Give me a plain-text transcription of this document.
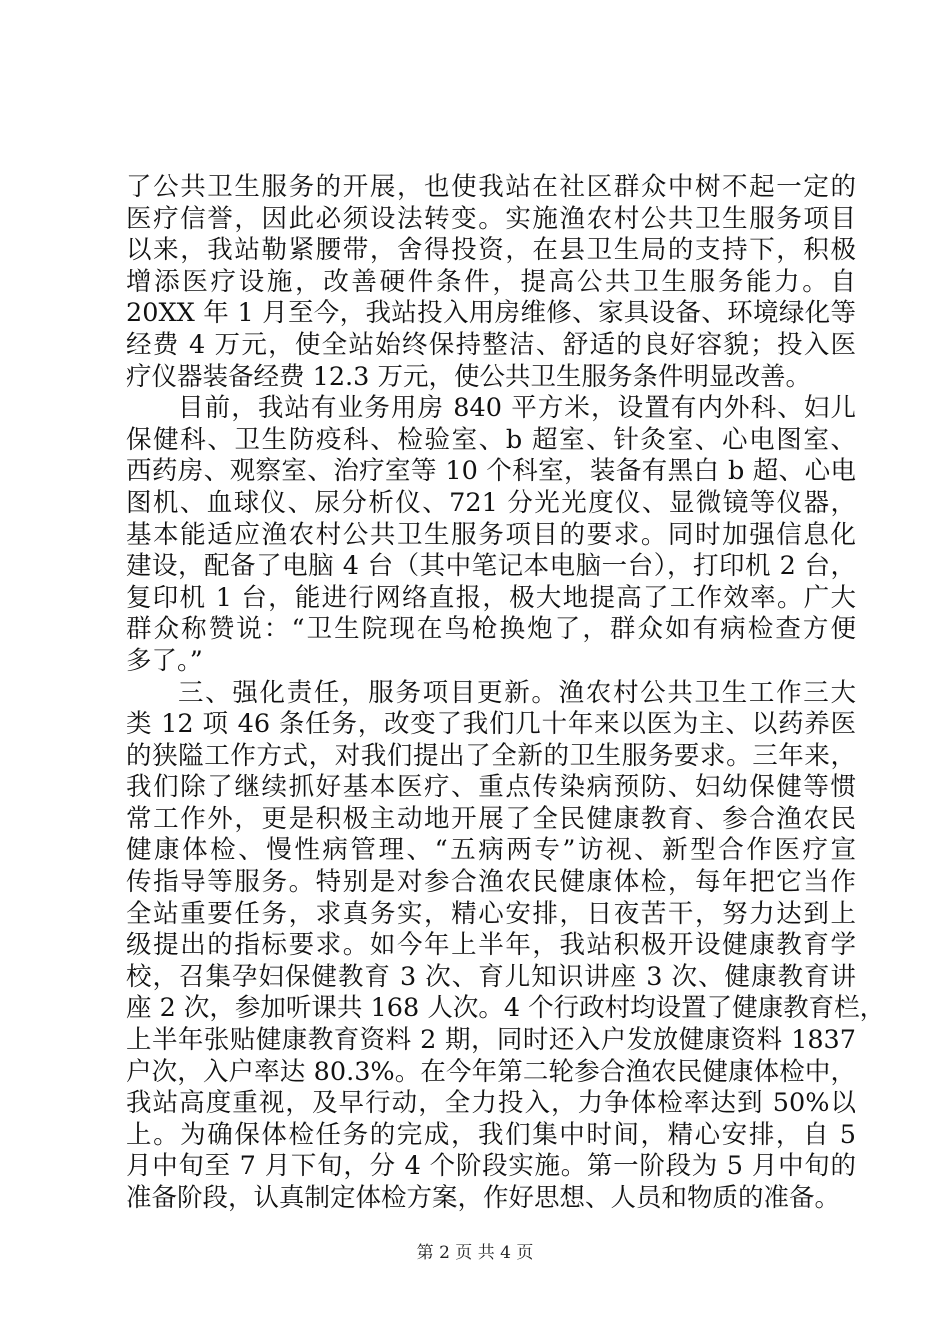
了公共卫生服务的开展，也使我站在社区群众中树不起一定的
医疗信誉，因此必须设法转变。实施渔农村公共卫生服务项目
以来，我站勒紧腰带，舍得投资，在县卫生局的支持下，积极
增添医疗设施，改善硬件条件，提高公共卫生服务能力。自
20XX 年 1 月至今，我站投入用房维修、家具设备、环境绿化等
经费 4 万元，使全站始终保持整洁、舒适的良好容貌；投入医
疗仪器装备经费 12.3 万元，使公共卫生服务条件明显改善。
目前，我站有业务用房 840 平方米，设置有内外科、妇儿
保健科、卫生防疫科、检验室、b 超室、针灸室、心电图室、
西药房、观察室、治疗室等 10 个科室，装备有黑白 b 超、心电
图机、血球仪、尿分析仪、721 分光光度仪、显微镜等仪器，
基本能适应渔农村公共卫生服务项目的要求。同时加强信息化
建设，配备了电脑 4 台（其中笔记本电脑一台），打印机 2 台，
复印机 1 台，能进行网络直报，极大地提高了工作效率。广大
群众称赞说：“卫生院现在鸟枪换炮了，群众如有病检查方便
多了。”
三、强化责任，服务项目更新。渔农村公共卫生工作三大
类 12 项 46 条任务，改变了我们几十年来以医为主、以药养医
的狭隘工作方式，对我们提出了全新的卫生服务要求。三年来，
我们除了继续抓好基本医疗、重点传染病预防、妇幼保健等惯
常工作外，更是积极主动地开展了全民健康教育、参合渔农民
健康体检、慢性病管理、“五病两专”访视、新型合作医疗宣
传指导等服务。特别是对参合渔农民健康体检，每年把它当作
全站重要任务，求真务实，精心安排，日夜苦干，努力达到上
级提出的指标要求。如今年上半年，我站积极开设健康教育学
校，召集孕妇保健教育 3 次、育儿知识讲座 3 次、健康教育讲
座 2 次，参加听课共 168 人次。4 个行政村均设置了健康教育栏，
上半年张贴健康教育资料 2 期，同时还入户发放健康资料 1837
户次，入户率达 80.3%。在今年第二轮参合渔农民健康体检中，
我站高度重视，及早行动，全力投入，力争体检率达到 50%以
上。为确保体检任务的完成，我们集中时间，精心安排，自 5
月中旬至 7 月下旬，分 4 个阶段实施。第一阶段为 5 月中旬的
准备阶段，认真制定体检方案，作好思想、人员和物质的准备。
第 2 页 共 4 页
